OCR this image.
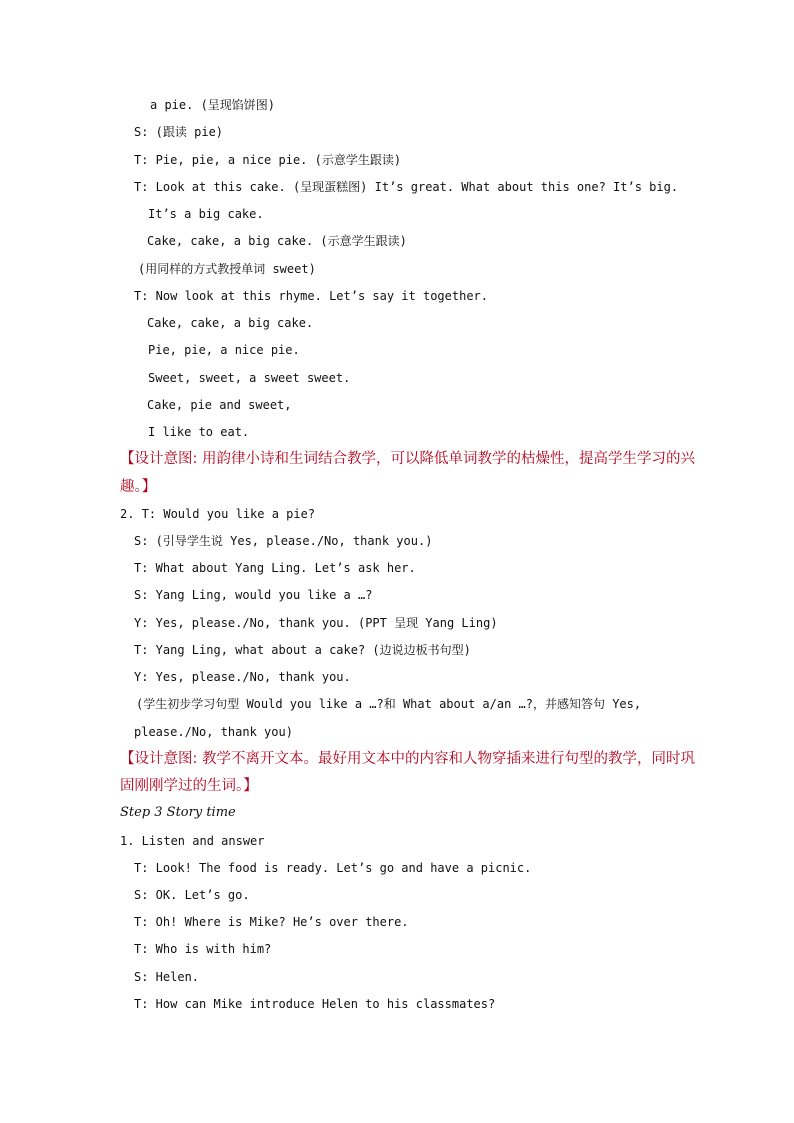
a pie. (呈现馅饼图)
S: (跟读 pie)
T: Pie, pie, a nice pie. (示意学生跟读)
T: Look at this cake. (呈现蛋糕图) It’s great. What about this one? It’s big.
It’s a big cake.
Cake, cake, a big cake. (示意学生跟读)
(用同样的方式教授单词 sweet)
T: Now look at this rhyme. Let’s say it together.
Cake, cake, a big cake.
Pie, pie, a nice pie.
Sweet, sweet, a sweet sweet.
Cake, pie and sweet,
I like to eat.
【设计意图: 用韵律小诗和生词结合教学，可以降低单词教学的枯燥性，提高学生学习的兴
趣。】
2. T: Would you like a pie?
S: (引导学生说 Yes, please./No, thank you.)
T: What about Yang Ling. Let’s ask her.
S: Yang Ling, would you like a …?
Y: Yes, please./No, thank you. (PPT 呈现 Yang Ling)
T: Yang Ling, what about a cake? (边说边板书句型)
Y: Yes, please./No, thank you.
(学生初步学习句型 Would you like a …?和 What about a/an …?，并感知答句 Yes,
please./No, thank you)
【设计意图: 教学不离开文本。最好用文本中的内容和人物穿插来进行句型的教学，同时巩
固刚刚学过的生词。】
Step 3 Story time
1. Listen and answer
T: Look! The food is ready. Let’s go and have a picnic.
S: OK. Let’s go.
T: Oh! Where is Mike? He’s over there.
T: Who is with him?
S: Helen.
T: How can Mike introduce Helen to his classmates?
